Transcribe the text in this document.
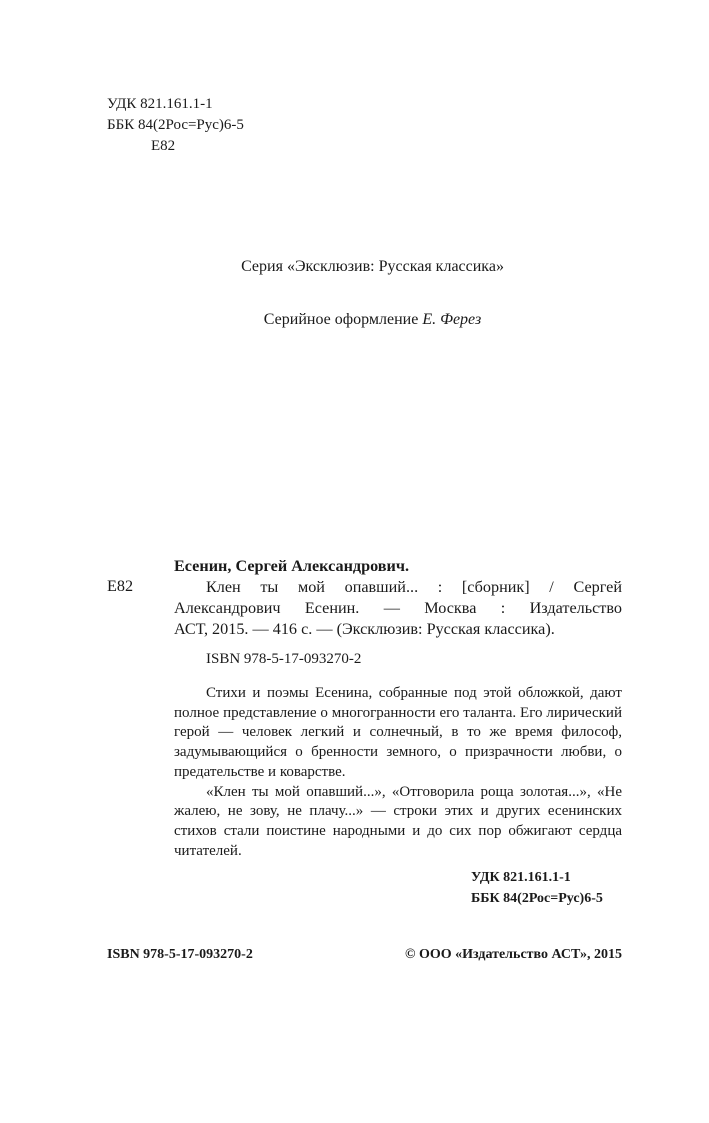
УДК 821.161.1-1
ББК 84(2Рос=Рус)6-5
Е82
Серия «Эксклюзив: Русская классика»
Серийное оформление Е. Ферез
Есенин, Сергей Александрович.
Е82	Клен ты мой опавший... : [сборник] / Сергей
Александрович Есенин. — Москва : Издательство
АСТ, 2015. — 416 с. — (Эксклюзив: Русская классика).
ISBN 978-5-17-093270-2

Стихи и поэмы Есенина, собранные под этой обложкой, дают полное представление о многогранности его таланта. Его лирический герой — человек легкий и солнечный, в то же время философ, задумывающийся о бренности земного, о призрачности любви, о предательстве и коварстве.

«Клен ты мой опавший...», «Отговорила роща золотая...», «Не жалею, не зову, не плачу...» — строки этих и других есенинских стихов стали поистине народными и до сих пор обжигают сердца читателей.

УДК 821.161.1-1
ББК 84(2Рос=Рус)6-5
ISBN 978-5-17-093270-2	© ООО «Издательство АСТ», 2015
